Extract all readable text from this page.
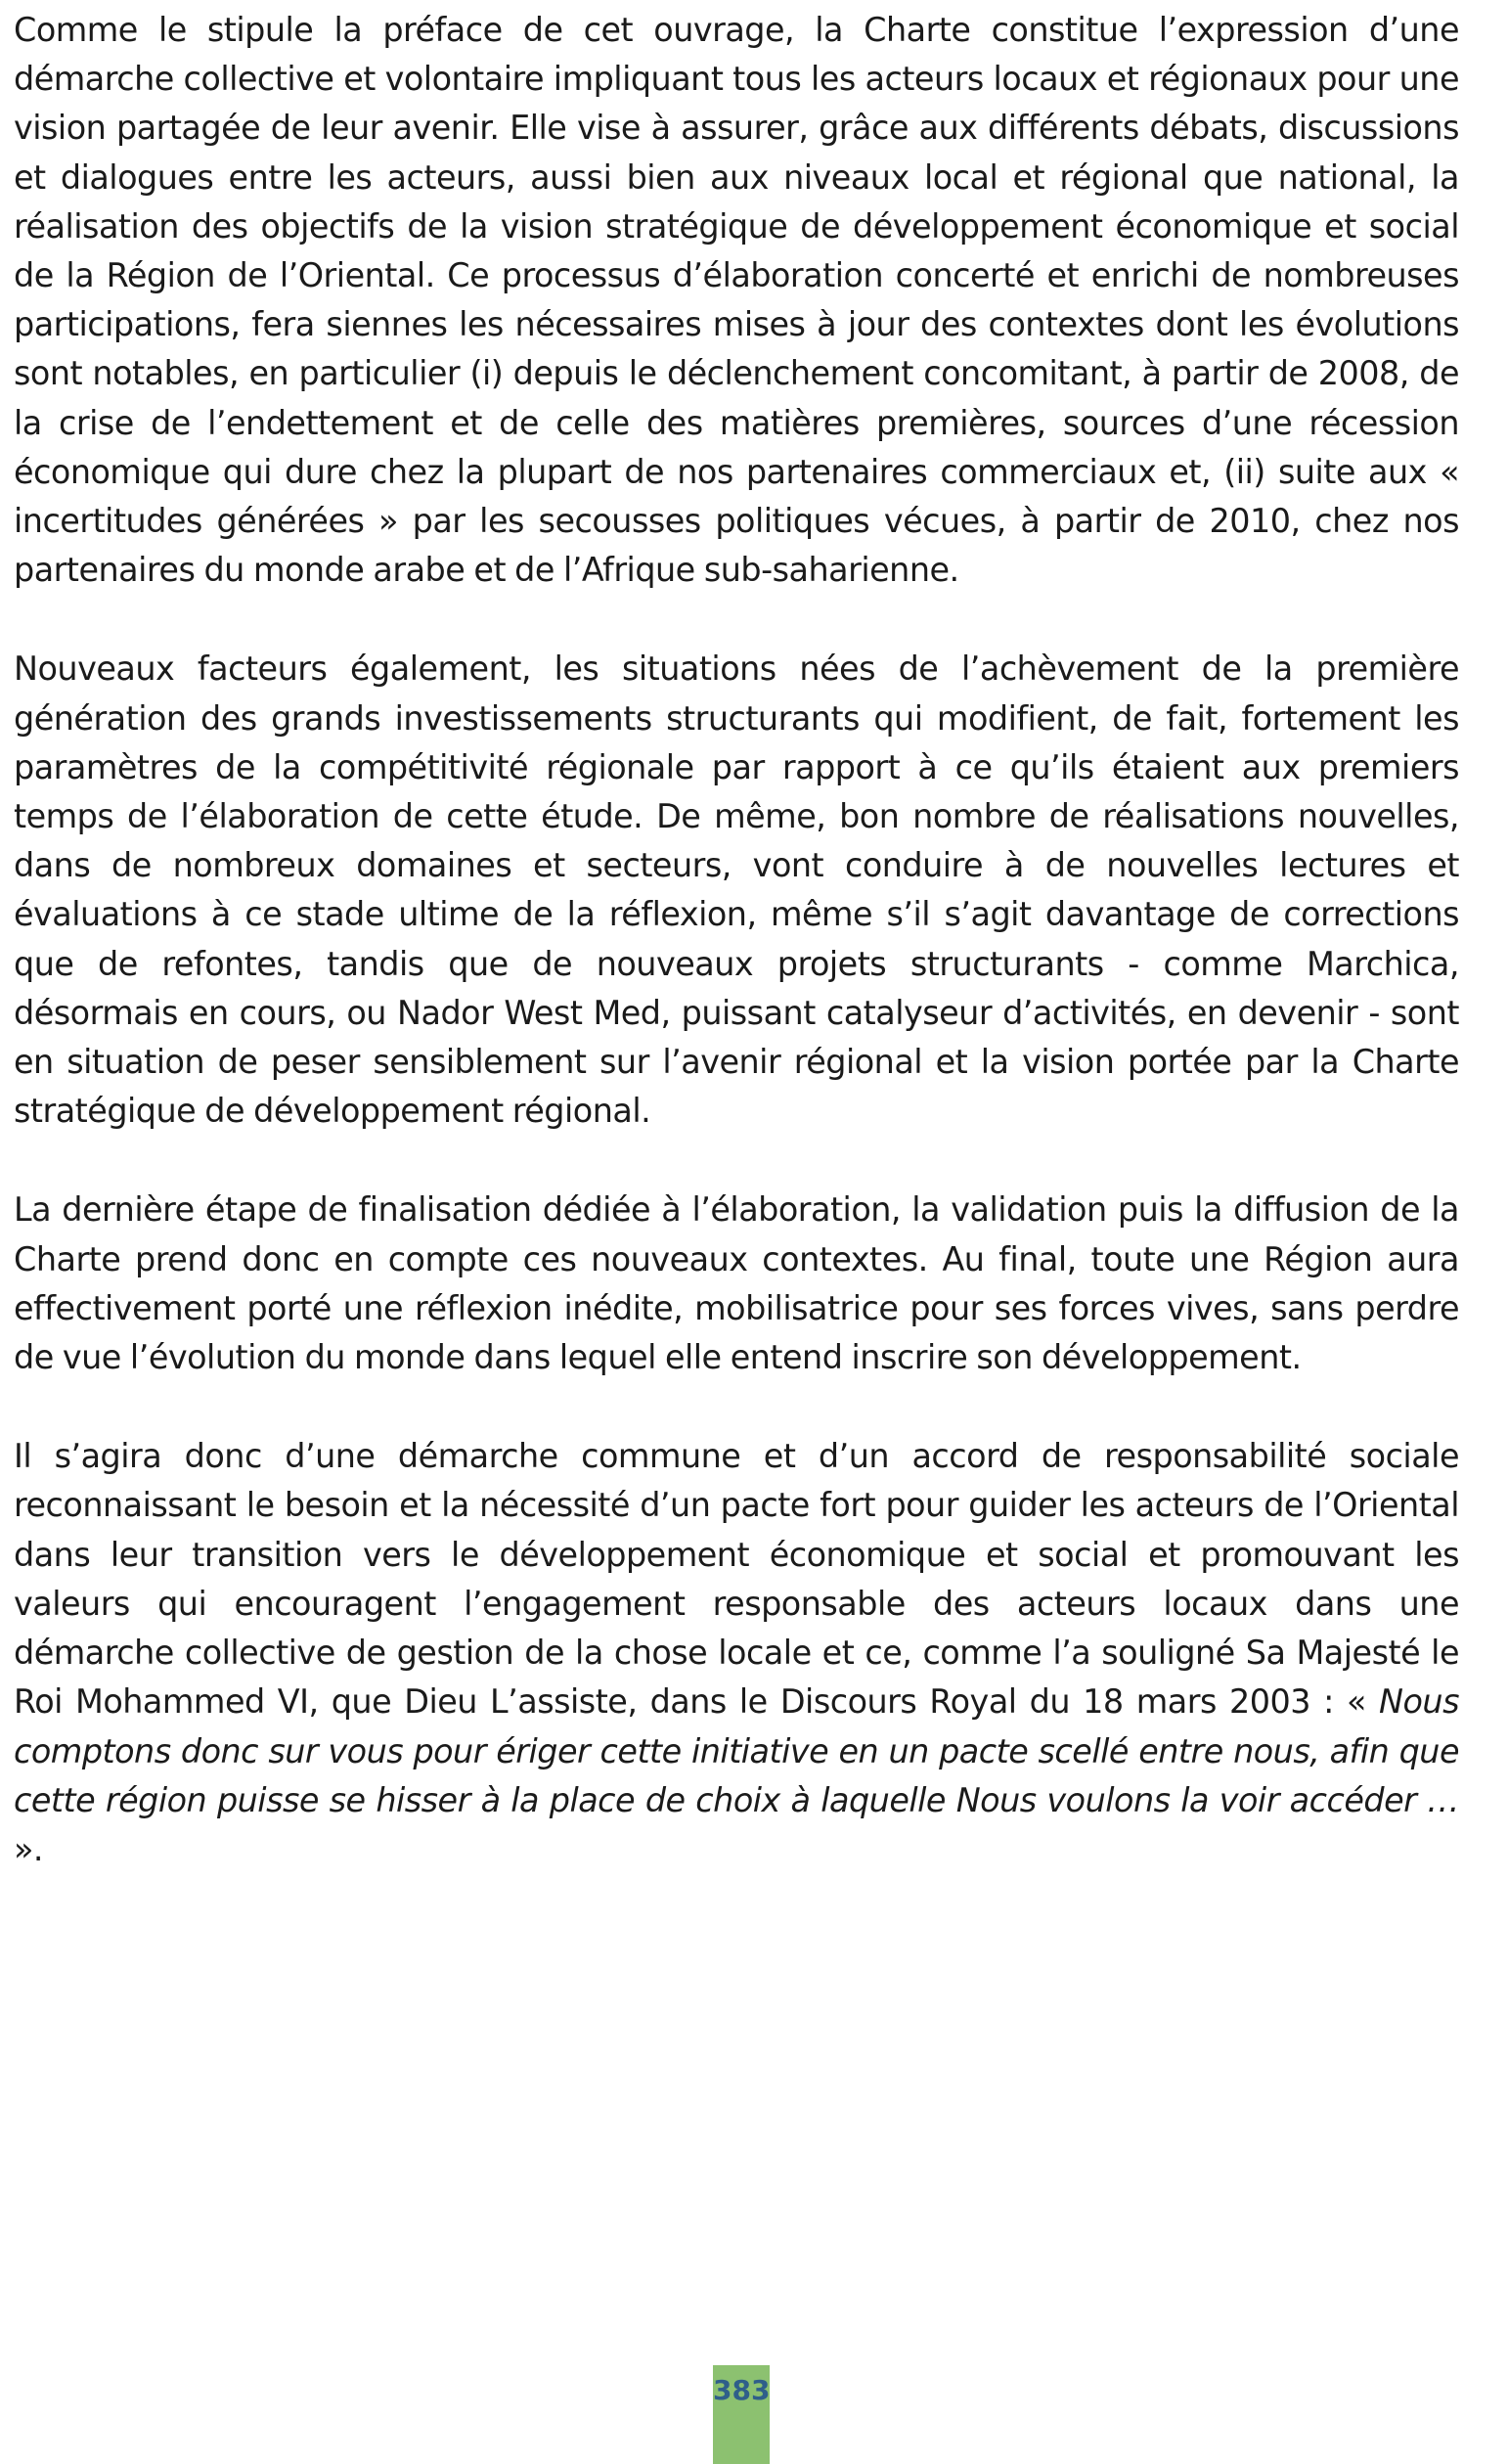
Comme le stipule la préface de cet ouvrage, la Charte constitue l’expression d’une démarche collective et volontaire impliquant tous les acteurs locaux et régionaux pour une vision partagée de leur avenir. Elle vise à assurer, grâce aux différents débats, discussions et dialogues entre les acteurs, aussi bien aux niveaux local et régional que national, la réalisation des objectifs de la vision stratégique de développement économique et social de la Région de l’Oriental. Ce processus d’élaboration concerté et enrichi de nombreuses participations, fera siennes les nécessaires mises à jour des contextes dont les évolutions sont notables, en particulier (i) depuis le déclenchement concomitant, à partir de 2008, de la crise de l’endettement et de celle des matières premières, sources d’une récession économique qui dure chez la plupart de nos partenaires commerciaux et, (ii) suite aux « incertitudes générées » par les secousses politiques vécues, à partir de 2010, chez nos partenaires du monde arabe et de l’Afrique sub-saharienne.

Nouveaux facteurs également, les situations nées de l’achèvement de la première génération des grands investissements structurants qui modifient, de fait, fortement les paramètres de la compétitivité régionale par rapport à ce qu’ils étaient aux premiers temps de l’élaboration de cette étude. De même, bon nombre de réalisations nouvelles, dans de nombreux domaines et secteurs, vont conduire à de nouvelles lectures et évaluations à ce stade ultime de la réflexion, même s’il s’agit davantage de corrections que de refontes, tandis que de nouveaux projets structurants - comme Marchica, désormais en cours, ou Nador West Med, puissant catalyseur d’activités, en devenir - sont en situation de peser sensiblement sur l’avenir régional et la vision portée par la Charte stratégique de développement régional.

La dernière étape de finalisation dédiée à l’élaboration, la validation puis la diffusion de la Charte prend donc en compte ces nouveaux contextes. Au final, toute une Région aura effectivement porté une réflexion inédite, mobilisatrice pour ses forces vives, sans perdre de vue l’évolution du monde dans lequel elle entend inscrire son développement.

Il s’agira donc d’une démarche commune et d’un accord de responsabilité sociale reconnaissant le besoin et la nécessité d’un pacte fort pour guider les acteurs de l’Oriental dans leur transition vers le développement économique et social et promouvant les valeurs qui encouragent l’engagement responsable des acteurs locaux dans une démarche collective de gestion de la chose locale et ce, comme l’a souligné Sa Majesté le Roi Mohammed VI, que Dieu L’assiste, dans le Discours Royal du 18 mars 2003 : « Nous comptons donc sur vous pour ériger cette initiative en un pacte scellé entre nous, afin que cette région puisse se hisser à la place de choix à laquelle Nous voulons la voir accéder … ».

383
